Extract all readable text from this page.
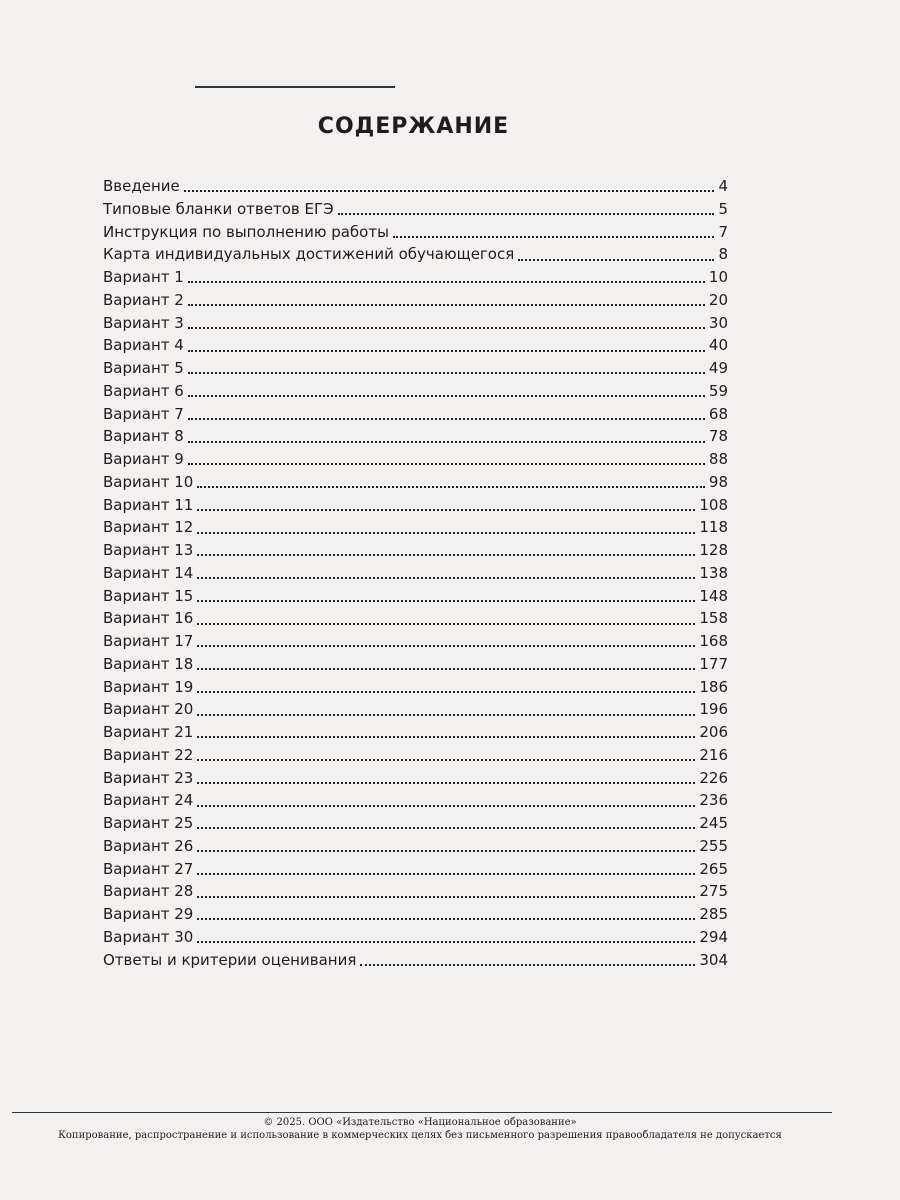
СОДЕРЖАНИЕ
Введение	4
Типовые бланки ответов ЕГЭ	5
Инструкция по выполнению работы	7
Карта индивидуальных достижений обучающегося	8
Вариант 1	10
Вариант 2	20
Вариант 3	30
Вариант 4	40
Вариант 5	49
Вариант 6	59
Вариант 7	68
Вариант 8	78
Вариант 9	88
Вариант 10	98
Вариант 11	108
Вариант 12	118
Вариант 13	128
Вариант 14	138
Вариант 15	148
Вариант 16	158
Вариант 17	168
Вариант 18	177
Вариант 19	186
Вариант 20	196
Вариант 21	206
Вариант 22	216
Вариант 23	226
Вариант 24	236
Вариант 25	245
Вариант 26	255
Вариант 27	265
Вариант 28	275
Вариант 29	285
Вариант 30	294
Ответы и критерии оценивания	304
© 2025. ООО «Издательство «Национальное образование»
Копирование, распространение и использование в коммерческих целях без письменного разрешения правообладателя не допускается
